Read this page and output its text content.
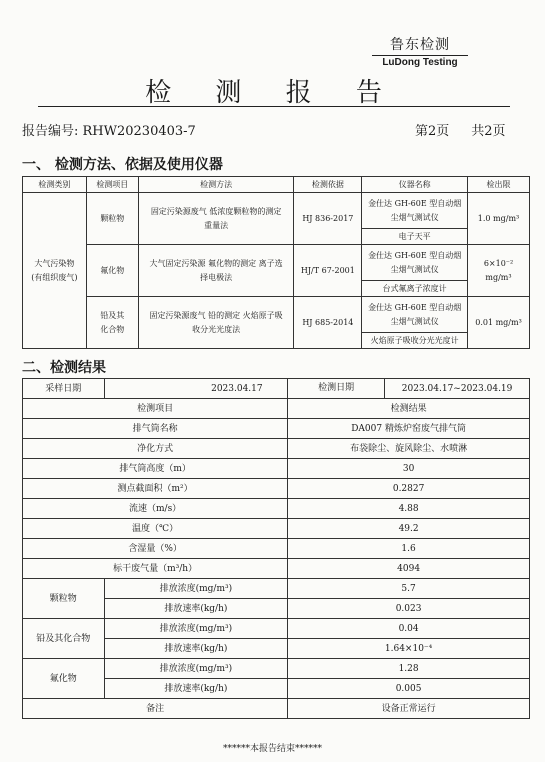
鲁东检测
LuDong Testing
检 测 报 告
报告编号: RHW20230403-7	第2页 共2页
一、 检测方法、依据及使用仪器
检测类别	检测项目	检测方法	检测依据	仪器名称	检出限
大气污染物
(有组织废气)	颗粒物	固定污染源废气 低浓度颗粒物的测定 重量法	HJ 836-2017	金仕达 GH-60E 型自动烟尘烟气测试仪	1.0 mg/m³
				电子天平	
	氟化物	大气固定污染源 氟化物的测定 离子选择电极法	HJ/T 67-2001	金仕达 GH-60E 型自动烟尘烟气测试仪	6×10⁻² mg/m³
				台式氟离子浓度计	
	铅及其化合物	固定污染源废气 铅的测定 火焰原子吸收分光光度法	HJ 685-2014	金仕达 GH-60E 型自动烟尘烟气测试仪	0.01 mg/m³
				火焰原子吸收分光光度计	
二、检测结果
采样日期	2023.04.17	检测日期 2023.04.17~2023.04.19

检测项目		检测结果
排气筒名称		DA007 精炼炉窑废气排气筒
净化方式		布袋除尘、旋风除尘、水喷淋
排气筒高度（m）		30
测点截面积（m²）		0.2827
流速（m/s）		4.88
温度（℃）		49.2
含湿量（%）		1.6
标干废气量（m³/h）		4094
颗粒物	排放浓度(mg/m³)	5.7
	排放速率(kg/h)	0.023
铅及其化合物	排放浓度(mg/m³)	0.04
	排放速率(kg/h)	1.64×10⁻⁴
氟化物	排放浓度(mg/m³)	1.28
	排放速率(kg/h)	0.005
备注		设备正常运行
******本报告结束******
